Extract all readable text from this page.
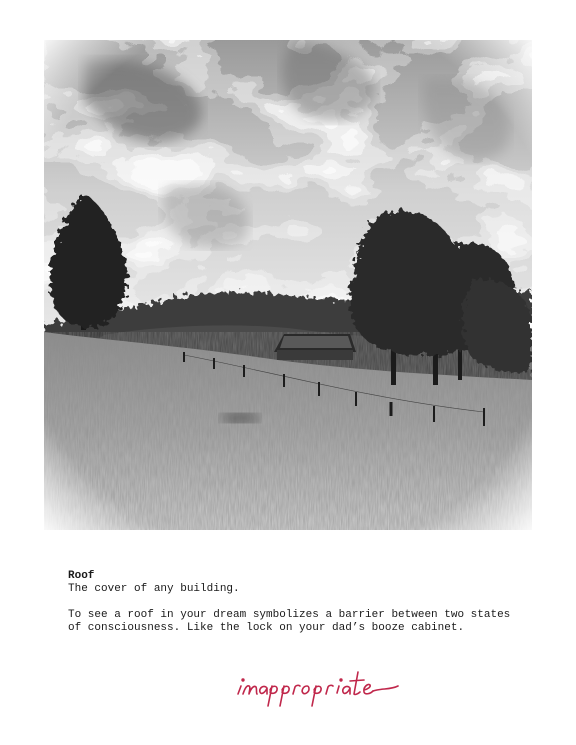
Roof
The cover of any building.
To see a roof in your dream symbolizes a barrier between two states of consciousness. Like the lock on your dad’s booze cabinet.
